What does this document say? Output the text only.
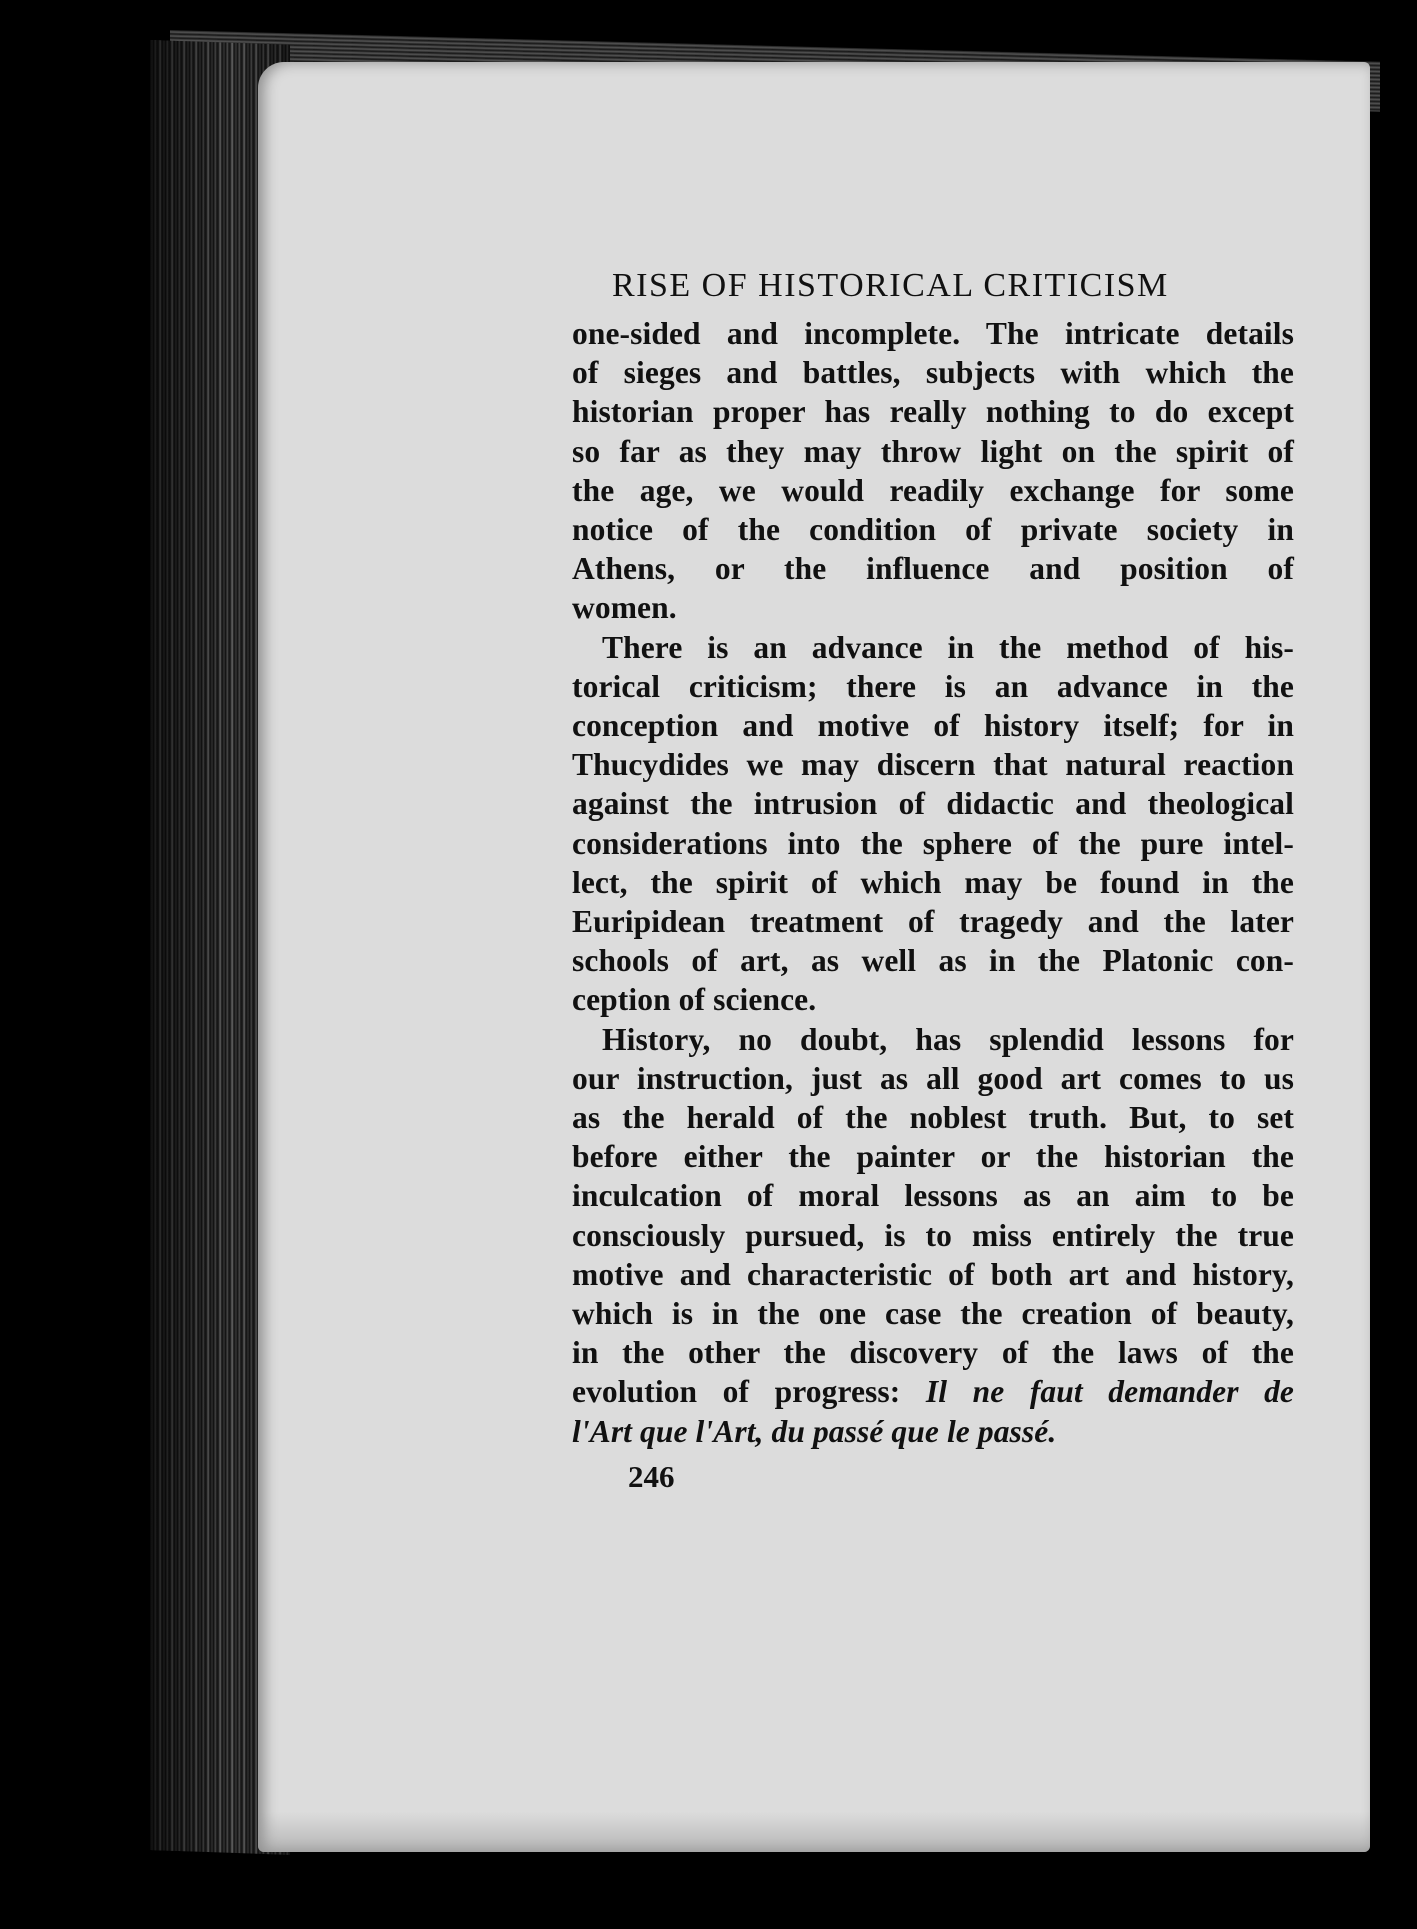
RISE OF HISTORICAL CRITICISM

one-sided and incomplete. The intricate details
of sieges and battles, subjects with which the
historian proper has really nothing to do except
so far as they may throw light on the spirit of
the age, we would readily exchange for some
notice of the condition of private society in
Athens, or the influence and position of
women.

There is an advance in the method of his-
torical criticism; there is an advance in the
conception and motive of history itself; for in
Thucydides we may discern that natural reaction
against the intrusion of didactic and theological
considerations into the sphere of the pure intel-
lect, the spirit of which may be found in the
Euripidean treatment of tragedy and the later
schools of art, as well as in the Platonic con-
ception of science.

History, no doubt, has splendid lessons for
our instruction, just as all good art comes to us
as the herald of the noblest truth. But, to set
before either the painter or the historian the
inculcation of moral lessons as an aim to be
consciously pursued, is to miss entirely the true
motive and characteristic of both art and history,
which is in the one case the creation of beauty,
in the other the discovery of the laws of the
evolution of progress: Il ne faut demander de
l'Art que l'Art, du passé que le passé.

246
